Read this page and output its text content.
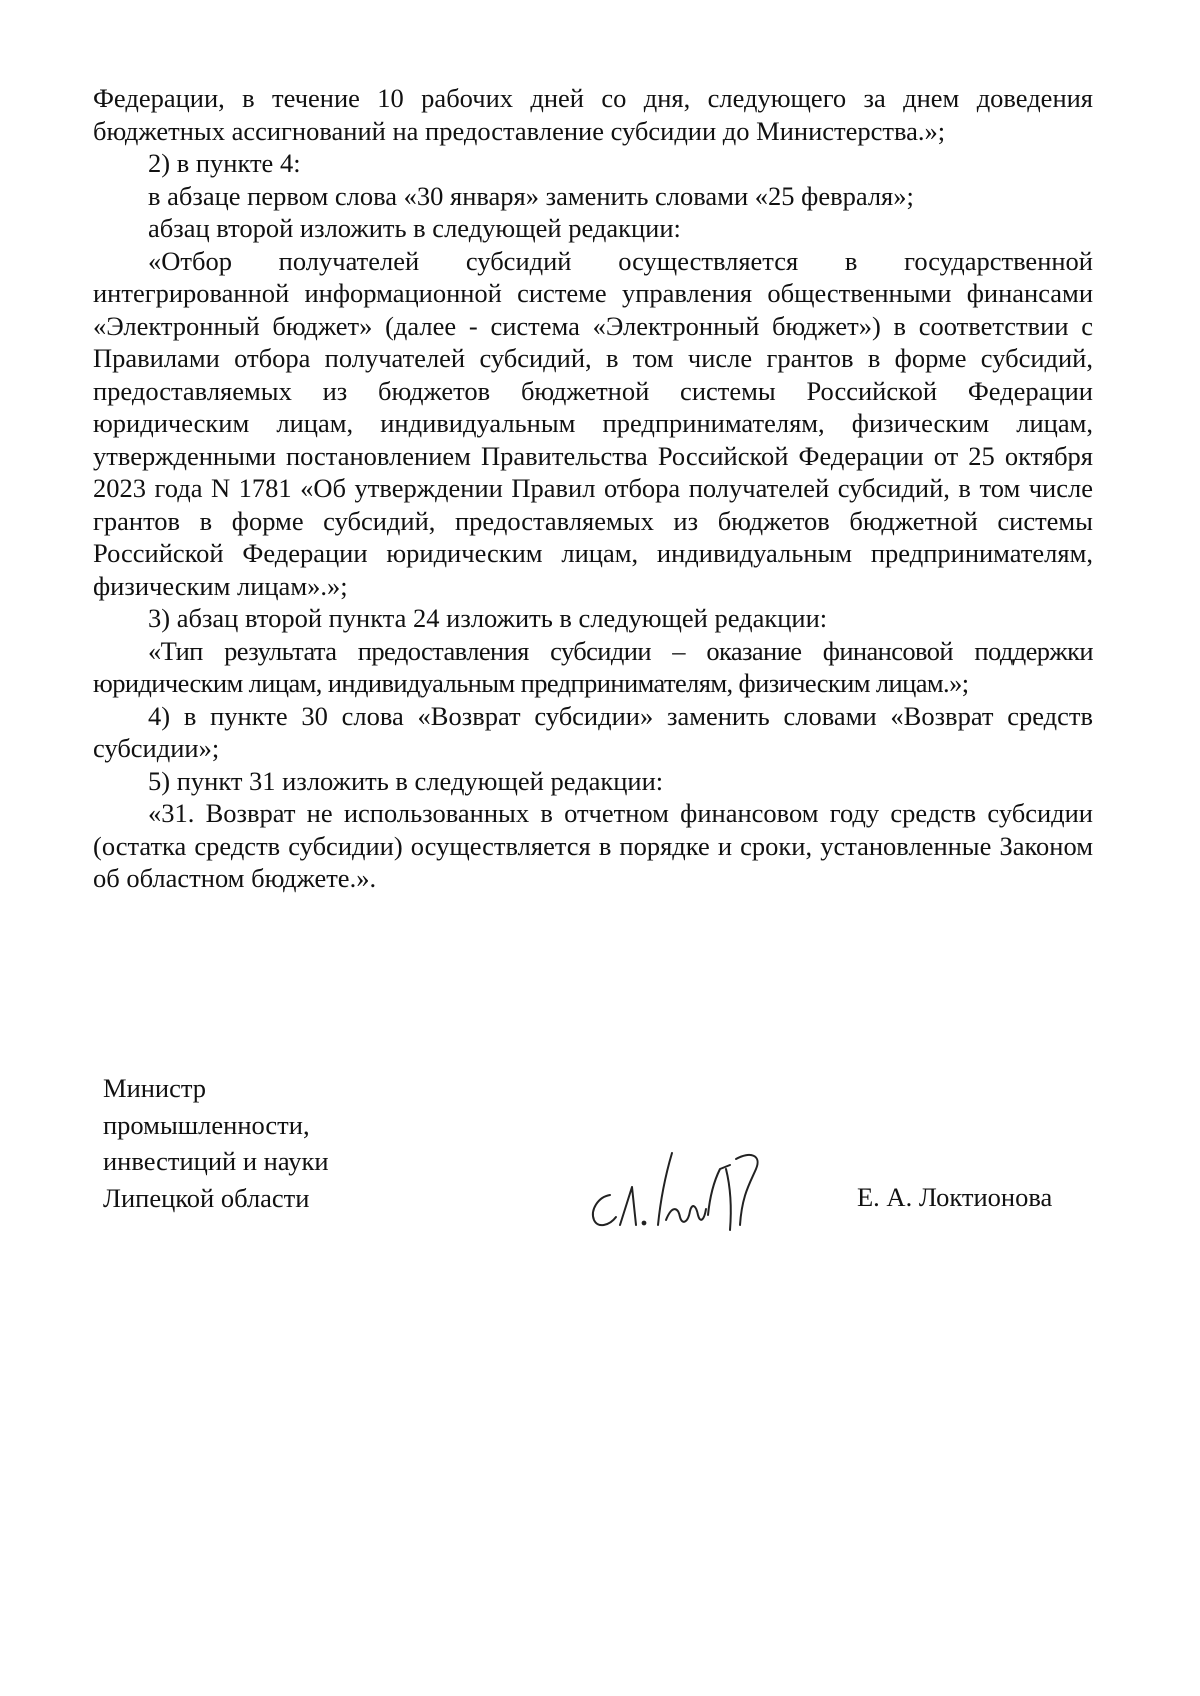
Федерации, в течение 10 рабочих дней со дня, следующего за днем доведения бюджетных ассигнований на предоставление субсидии до Министерства.»;

2) в пункте 4:

в абзаце первом слова «30 января» заменить словами «25 февраля»;

абзац второй изложить в следующей редакции:

«Отбор получателей субсидий осуществляется в государственной интегрированной информационной системе управления общественными финансами «Электронный бюджет» (далее - система «Электронный бюджет») в соответствии с Правилами отбора получателей субсидий, в том числе грантов в форме субсидий, предоставляемых из бюджетов бюджетной системы Российской Федерации юридическим лицам, индивидуальным предпринимателям, физическим лицам, утвержденными постановлением Правительства Российской Федерации от 25 октября 2023 года N 1781 «Об утверждении Правил отбора получателей субсидий, в том числе грантов в форме субсидий, предоставляемых из бюджетов бюджетной системы Российской Федерации юридическим лицам, индивидуальным предпринимателям, физическим лицам».»;

3) абзац второй пункта 24 изложить в следующей редакции:

«Тип результата предоставления субсидии – оказание финансовой поддержки юридическим лицам, индивидуальным предпринимателям, физическим лицам.»;

4) в пункте 30 слова «Возврат субсидии» заменить словами «Возврат средств субсидии»;

5) пункт 31 изложить в следующей редакции:

«31. Возврат не использованных в отчетном финансовом году средств субсидии (остатка средств субсидии) осуществляется в порядке и сроки, установленные Законом об областном бюджете.».

Министр
промышленности,
инвестиций и науки
Липецкой области	Е. А. Локтионова
